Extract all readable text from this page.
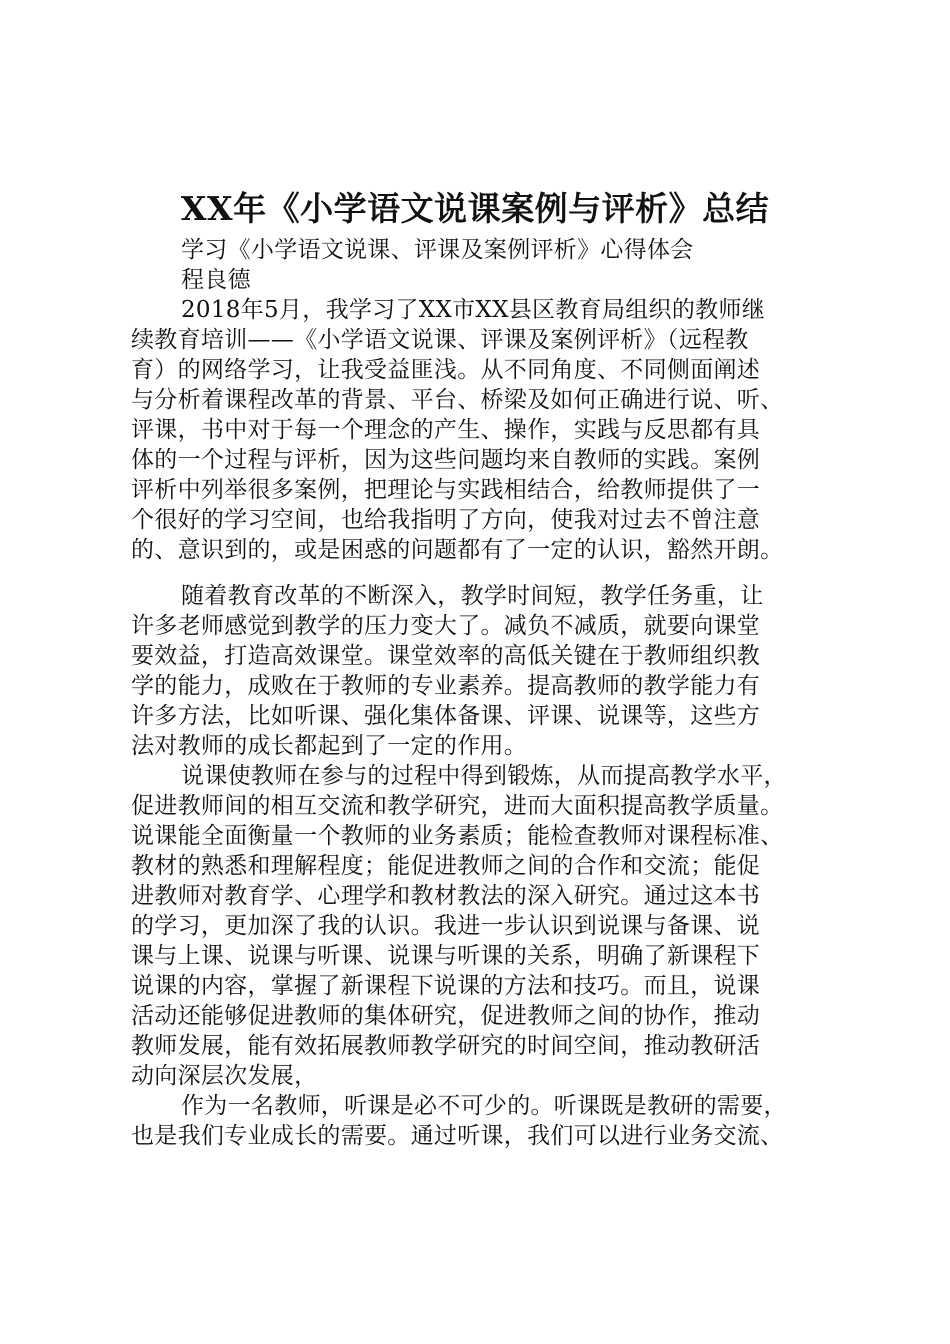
XX年《小学语文说课案例与评析》总结
学习《小学语文说课、评课及案例评析》心得体会
程良德
2018年5月，我学习了XX市XX县区教育局组织的教师继
续教育培训——《小学语文说课、评课及案例评析》（远程教
育）的网络学习，让我受益匪浅。从不同角度、不同侧面阐述
与分析着课程改革的背景、平台、桥梁及如何正确进行说、听、
评课，书中对于每一个理念的产生、操作，实践与反思都有具
体的一个过程与评析，因为这些问题均来自教师的实践。案例
评析中列举很多案例，把理论与实践相结合，给教师提供了一
个很好的学习空间，也给我指明了方向，使我对过去不曾注意
的、意识到的，或是困惑的问题都有了一定的认识，豁然开朗。
随着教育改革的不断深入，教学时间短，教学任务重，让
许多老师感觉到教学的压力变大了。减负不减质，就要向课堂
要效益，打造高效课堂。课堂效率的高低关键在于教师组织教
学的能力，成败在于教师的专业素养。提高教师的教学能力有
许多方法，比如听课、强化集体备课、评课、说课等，这些方
法对教师的成长都起到了一定的作用。
说课使教师在参与的过程中得到锻炼，从而提高教学水平，
促进教师间的相互交流和教学研究，进而大面积提高教学质量。
说课能全面衡量一个教师的业务素质；能检查教师对课程标准、
教材的熟悉和理解程度；能促进教师之间的合作和交流；能促
进教师对教育学、心理学和教材教法的深入研究。通过这本书
的学习，更加深了我的认识。我进一步认识到说课与备课、说
课与上课、说课与听课、说课与听课的关系，明确了新课程下
说课的内容，掌握了新课程下说课的方法和技巧。而且，说课
活动还能够促进教师的集体研究，促进教师之间的协作，推动
教师发展，能有效拓展教师教学研究的时间空间，推动教研活
动向深层次发展，
作为一名教师，听课是必不可少的。听课既是教研的需要，
也是我们专业成长的需要。通过听课，我们可以进行业务交流、
